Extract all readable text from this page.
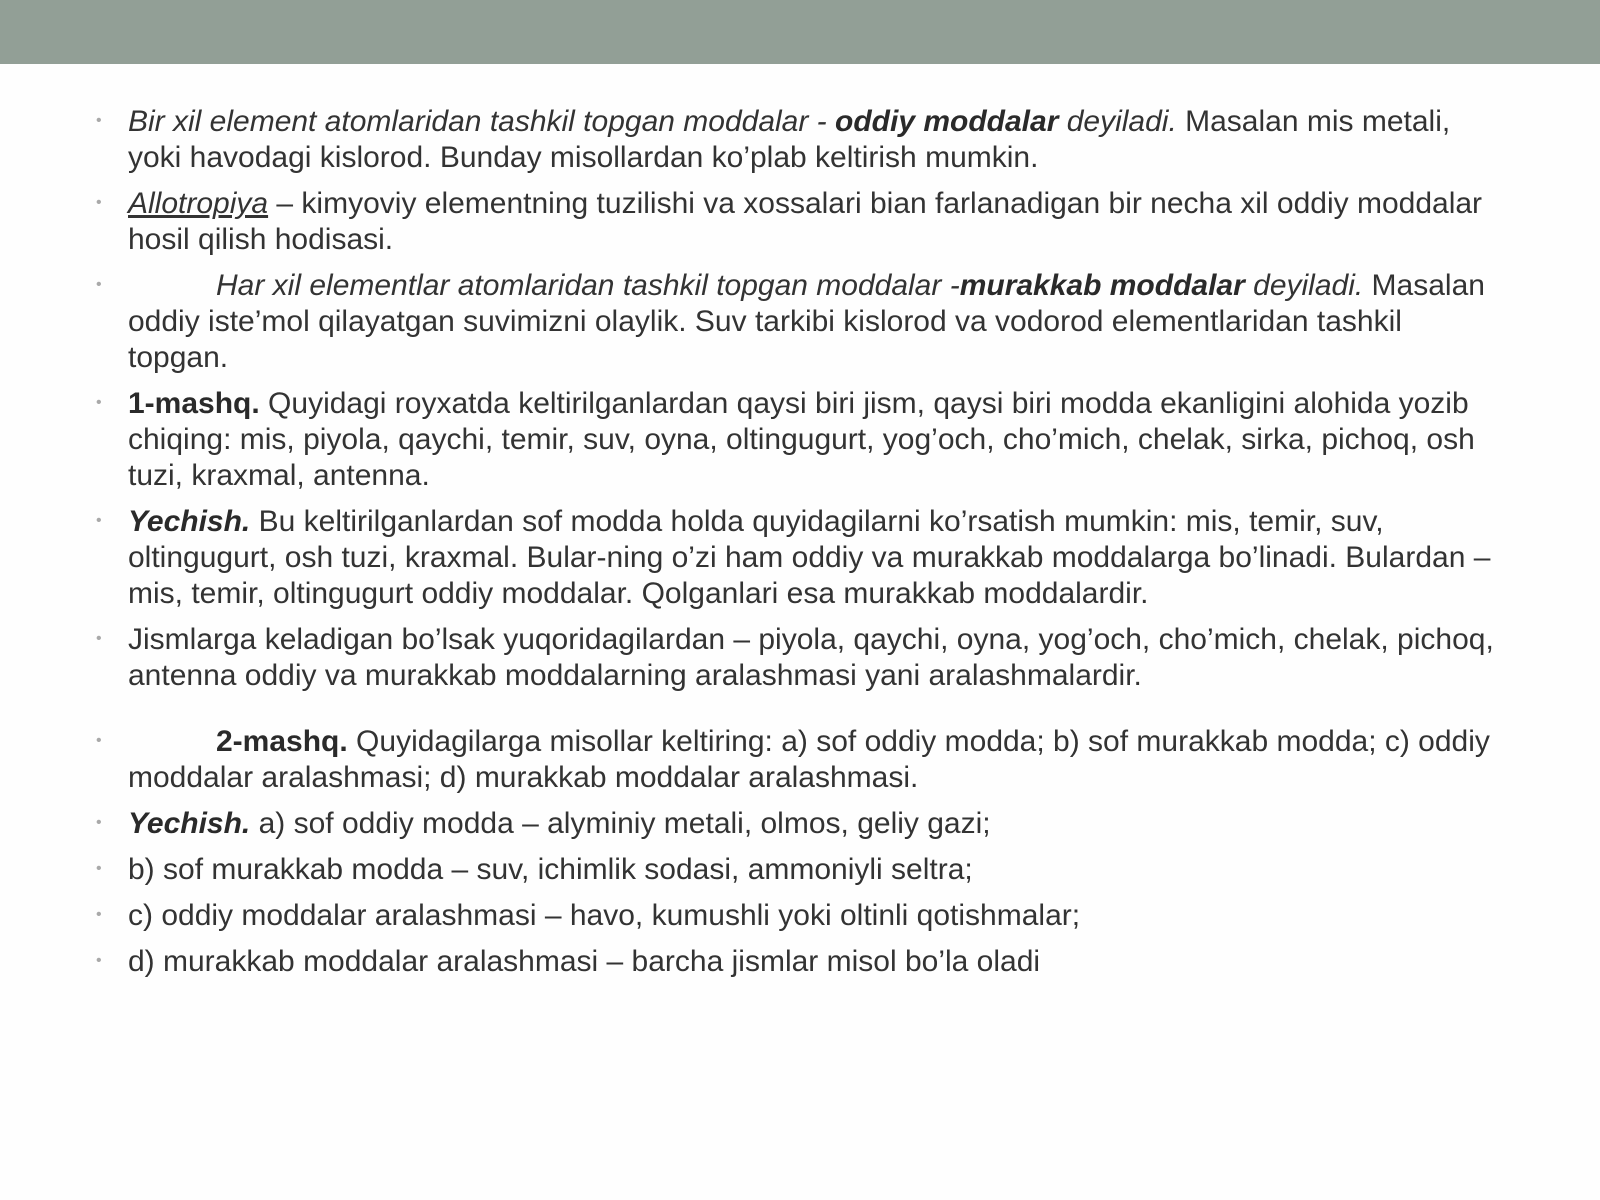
• Bir xil element atomlaridan tashkil topgan moddalar - oddiy moddalar deyiladi. Masalan mis metali, yoki havodagi kislorod. Bunday misollardan ko’plab keltirish mumkin.
• Allotropiya – kimyoviy elementning tuzilishi va xossalari bian farlanadigan bir necha xil oddiy moddalar hosil qilish hodisasi.
•	Har xil elementlar atomlaridan tashkil topgan moddalar -murakkab moddalar deyiladi. Masalan oddiy iste’mol qilayatgan suvimizni olaylik. Suv tarkibi kislorod va vodorod elementlaridan tashkil topgan.
• 1-mashq. Quyidagi royxatda keltirilganlardan qaysi biri jism, qaysi biri modda ekanligini alohida yozib chiqing: mis, piyola, qaychi, temir, suv, oyna, oltingugurt, yog’och, cho’mich, chelak, sirka, pichoq, osh tuzi, kraxmal, antenna.
• Yechish. Bu keltirilganlardan sof modda holda quyidagilarni ko’rsatish mumkin: mis, temir, suv, oltingugurt, osh tuzi, kraxmal. Bular-ning o’zi ham oddiy va murakkab moddalarga bo’linadi. Bulardan – mis, temir, oltingugurt oddiy moddalar. Qolganlari esa murakkab moddalardir.
• Jismlarga keladigan bo’lsak yuqoridagilardan – piyola, qaychi, oyna, yog’och, cho’mich, chelak, pichoq, antenna oddiy va murakkab moddalarning aralashmasi yani aralashmalardir.
•	2-mashq. Quyidagilarga misollar keltiring: a) sof oddiy modda; b) sof murakkab modda; c) oddiy moddalar aralashmasi; d) murakkab moddalar aralashmasi.
• Yechish. a) sof oddiy modda – alyminiy metali, olmos, geliy gazi;
• b) sof murakkab modda – suv, ichimlik sodasi, ammoniyli seltra;
• c) oddiy moddalar aralashmasi – havo, kumushli yoki oltinli qotishmalar;
• d) murakkab moddalar aralashmasi – barcha jismlar misol bo’la oladi
